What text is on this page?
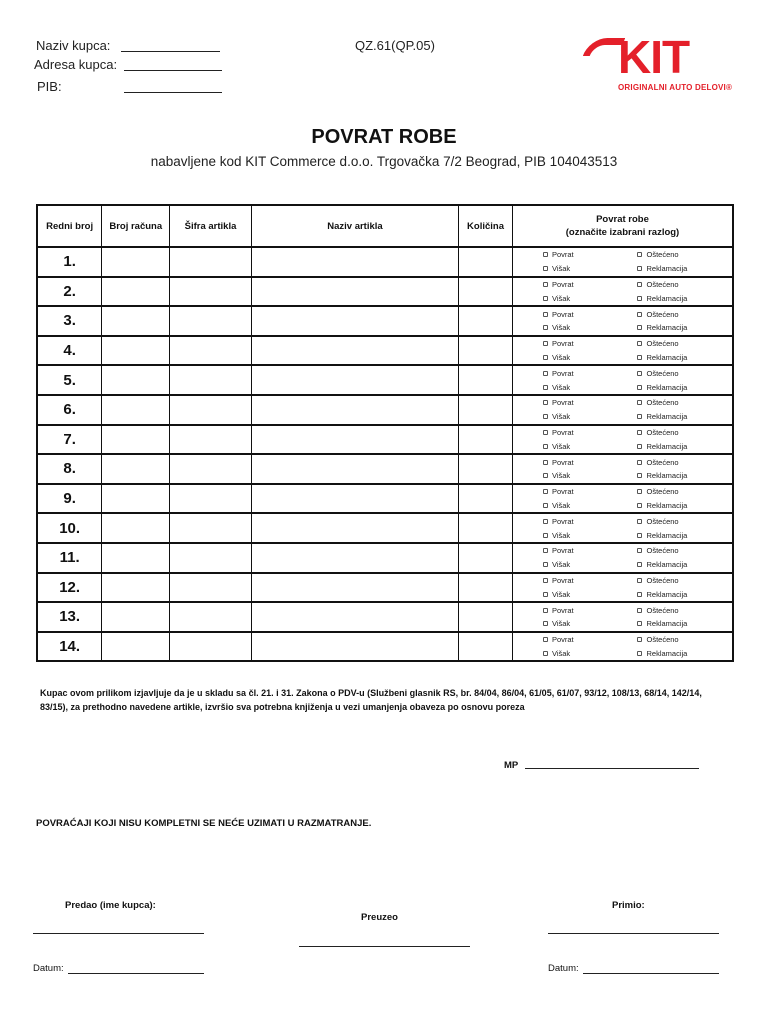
Naziv kupca:
Adresa kupca:
PIB:
QZ.61(QP.05)	KIT
ORIGINALNI AUTO DELOVI®
POVRAT ROBE
nabavljene kod KIT Commerce d.o.o. Trgovačka 7/2 Beograd, PIB 104043513
Redni broj	Broj računa	Šifra artikla	Naziv artikla	Količina	Povrat robe
(označite izabrani razlog)

1.					Povrat Oštećeno
Višak Reklamacija

2.					Povrat Oštećeno
Višak Reklamacija

3.					Povrat Oštećeno
Višak Reklamacija

4.					Povrat Oštećeno
Višak Reklamacija

5.					Povrat Oštećeno
Višak Reklamacija

6.					Povrat Oštećeno
Višak Reklamacija

7.					Povrat Oštećeno
Višak Reklamacija

8.					Povrat Oštećeno
Višak Reklamacija

9.					Povrat Oštećeno
Višak Reklamacija

10.					Povrat Oštećeno
Višak Reklamacija

11.					Povrat Oštećeno
Višak Reklamacija

12.					Povrat Oštećeno
Višak Reklamacija

13.					Povrat Oštećeno
Višak Reklamacija

14.					Povrat Oštećeno
Višak Reklamacija
Kupac ovom prilikom izjavljuje da je u skladu sa čl. 21. i 31. Zakona o PDV-u (Službeni glasnik RS, br. 84/04, 86/04, 61/05, 61/07, 93/12, 108/13, 68/14, 142/14, 83/15), za prethodno navedene artikle, izvršio sva potrebna knjiženja u vezi umanjenja obaveza po osnovu poreza
MP
POVRAĆAJI KOJI NISU KOMPLETNI SE NEĆE UZIMATI U RAZMATRANJE.
Predao (ime kupca):
Preuzeo
Primio:
Datum:	Datum:
